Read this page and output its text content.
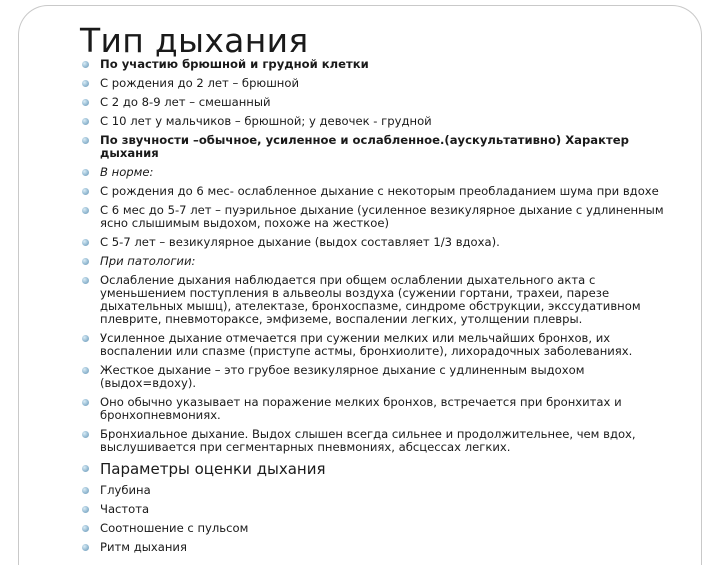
Тип дыхания
По участию брюшной и грудной клетки
С рождения до 2 лет – брюшной
С 2 до 8-9 лет – смешанный
С 10 лет у мальчиков – брюшной; у девочек - грудной
По звучности –обычное, усиленное и ослабленное.(аускультативно) Характер дыхания
В норме:
С рождения до 6 мес- ослабленное дыхание с некоторым преобладанием шума при вдохе
С 6 мес до 5-7 лет – пуэрильное дыхание (усиленное везикулярное дыхание с удлиненным ясно слышимым выдохом, похоже на жесткое)
С 5-7 лет – везикулярное дыхание (выдох составляет 1/3 вдоха).
При патологии:
Ослабление дыхания наблюдается при общем ослаблении дыхательного акта с уменьшением поступления в альвеолы воздуха (сужении гортани, трахеи, парезе дыхательных мышц), ателектазе, бронхоспазме, синдроме обструкции, экссудативном плеврите, пневмотораксе, эмфиземе, воспалении легких, утолщении плевры.
Усиленное дыхание отмечается при сужении мелких или мельчайших бронхов, их воспалении или спазме (приступе астмы, бронхиолите), лихорадочных заболеваниях.
Жесткое дыхание – это грубое везикулярное дыхание с удлиненным выдохом (выдох=вдоху).
Оно обычно указывает на поражение мелких бронхов, встречается при бронхитах и бронхопневмониях.
Бронхиальное дыхание. Выдох слышен всегда сильнее и продолжительнее, чем вдох, выслушивается при сегментарных пневмониях, абсцессах легких.
Параметры оценки дыхания
Глубина
Частота
Соотношение с пульсом
Ритм дыхания
